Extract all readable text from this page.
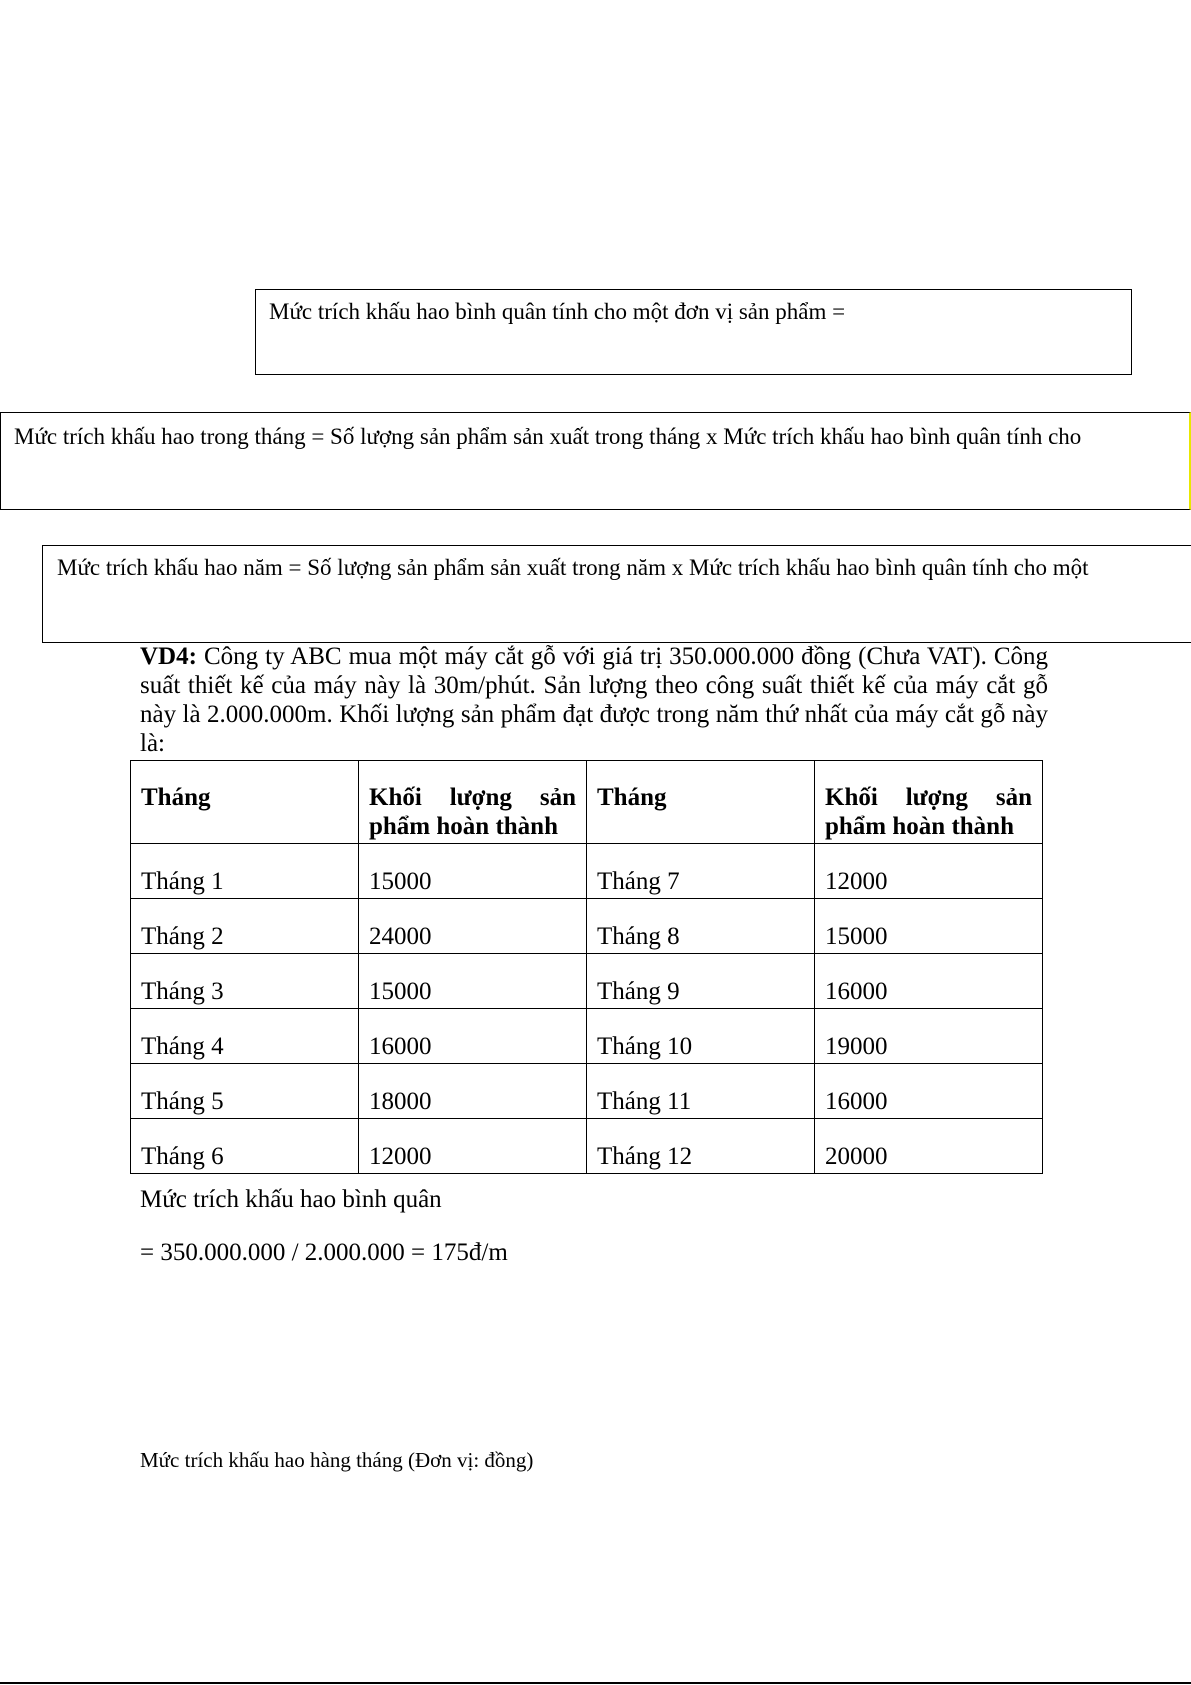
Mức trích khấu hao bình quân tính cho một đơn vị sản phẩm =
Mức trích khấu hao trong tháng = Số lượng sản phẩm sản xuất trong tháng x Mức trích khấu hao bình quân tính cho
Mức trích khấu hao năm = Số lượng sản phẩm sản xuất trong năm x Mức trích khấu hao bình quân tính cho một
VD4: Công ty ABC mua một máy cắt gỗ với giá trị 350.000.000 đồng (Chưa VAT). Công suất thiết kế của máy này là 30m/phút. Sản lượng theo công suất thiết kế của máy cắt gỗ này là 2.000.000m. Khối lượng sản phẩm đạt được trong năm thứ nhất của máy cắt gỗ này là:
Tháng	Khối lượng sản phẩm hoàn thành	Tháng	Khối lượng sản phẩm hoàn thành
Tháng 1	15000	Tháng 7	12000
Tháng 2	24000	Tháng 8	15000
Tháng 3	15000	Tháng 9	16000
Tháng 4	16000	Tháng 10	19000
Tháng 5	18000	Tháng 11	16000
Tháng 6	12000	Tháng 12	20000
Mức trích khấu hao bình quân
= 350.000.000 / 2.000.000 = 175đ/m
Mức trích khấu hao hàng tháng (Đơn vị: đồng)
